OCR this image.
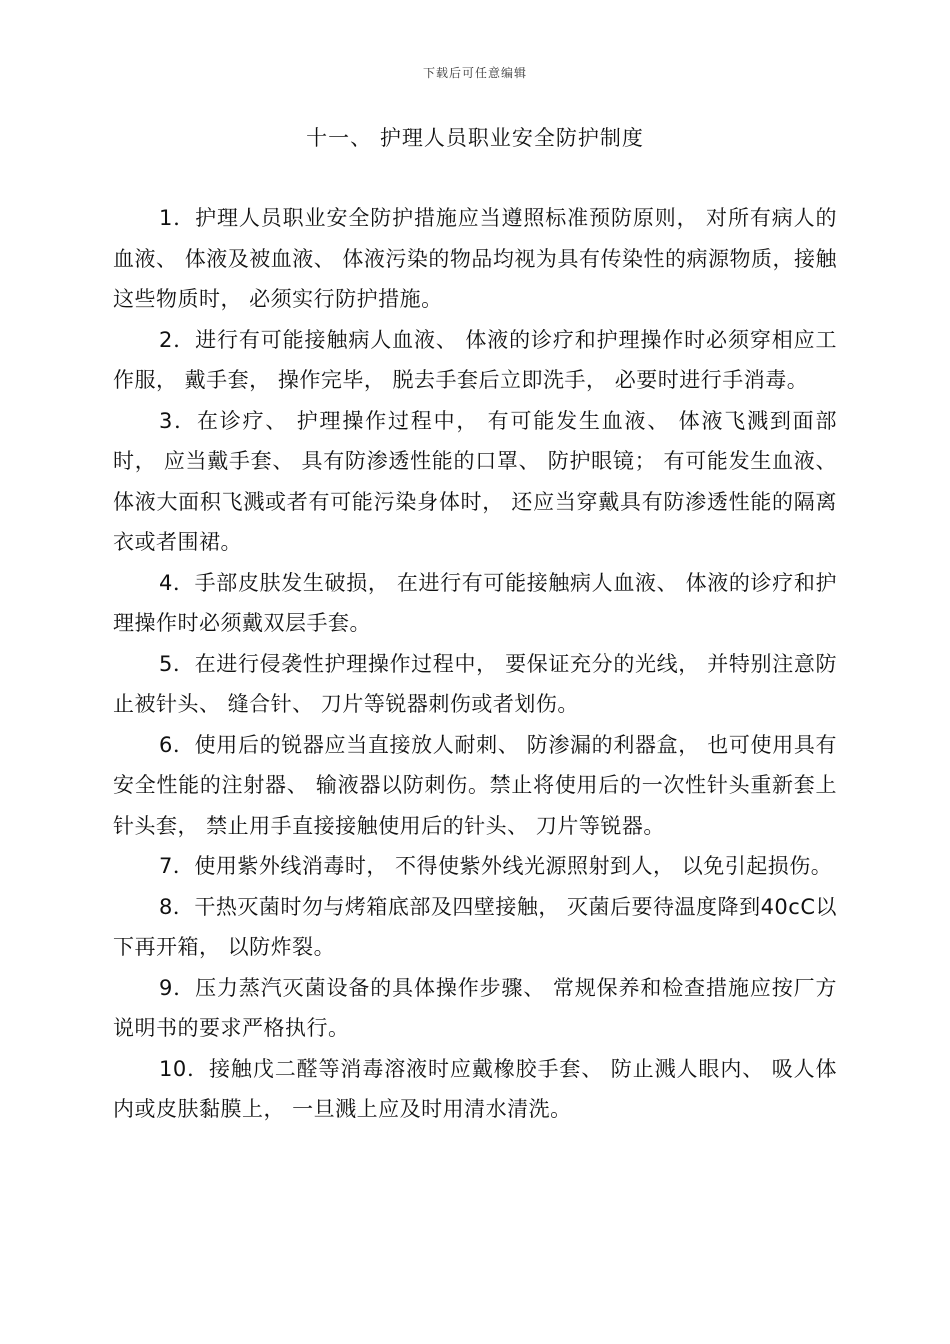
下载后可任意编辑
十一、 护理人员职业安全防护制度

1．护理人员职业安全防护措施应当遵照标准预防原则， 对所有病人的血液、 体液及被血液、 体液污染的物品均视为具有传染性的病源物质，接触这些物质时， 必须实行防护措施。

2．进行有可能接触病人血液、 体液的诊疗和护理操作时必须穿相应工作服， 戴手套， 操作完毕， 脱去手套后立即洗手， 必要时进行手消毒。

3．在诊疗、 护理操作过程中， 有可能发生血液、 体液飞溅到面部时， 应当戴手套、 具有防渗透性能的口罩、 防护眼镜； 有可能发生血液、 体液大面积飞溅或者有可能污染身体时， 还应当穿戴具有防渗透性能的隔离衣或者围裙。

4．手部皮肤发生破损， 在进行有可能接触病人血液、 体液的诊疗和护理操作时必须戴双层手套。

5．在进行侵袭性护理操作过程中， 要保证充分的光线， 并特别注意防止被针头、 缝合针、 刀片等锐器刺伤或者划伤。

6．使用后的锐器应当直接放人耐刺、 防渗漏的利器盒， 也可使用具有安全性能的注射器、 输液器以防刺伤。禁止将使用后的一次性针头重新套上针头套， 禁止用手直接接触使用后的针头、 刀片等锐器。

7．使用紫外线消毒时， 不得使紫外线光源照射到人， 以免引起损伤。

8．干热灭菌时勿与烤箱底部及四壁接触， 灭菌后要待温度降到40cC以下再开箱， 以防炸裂。

9．压力蒸汽灭菌设备的具体操作步骤、 常规保养和检查措施应按厂方说明书的要求严格执行。

10．接触戊二醛等消毒溶液时应戴橡胶手套、 防止溅人眼内、 吸人体内或皮肤黏膜上， 一旦溅上应及时用清水清洗。
